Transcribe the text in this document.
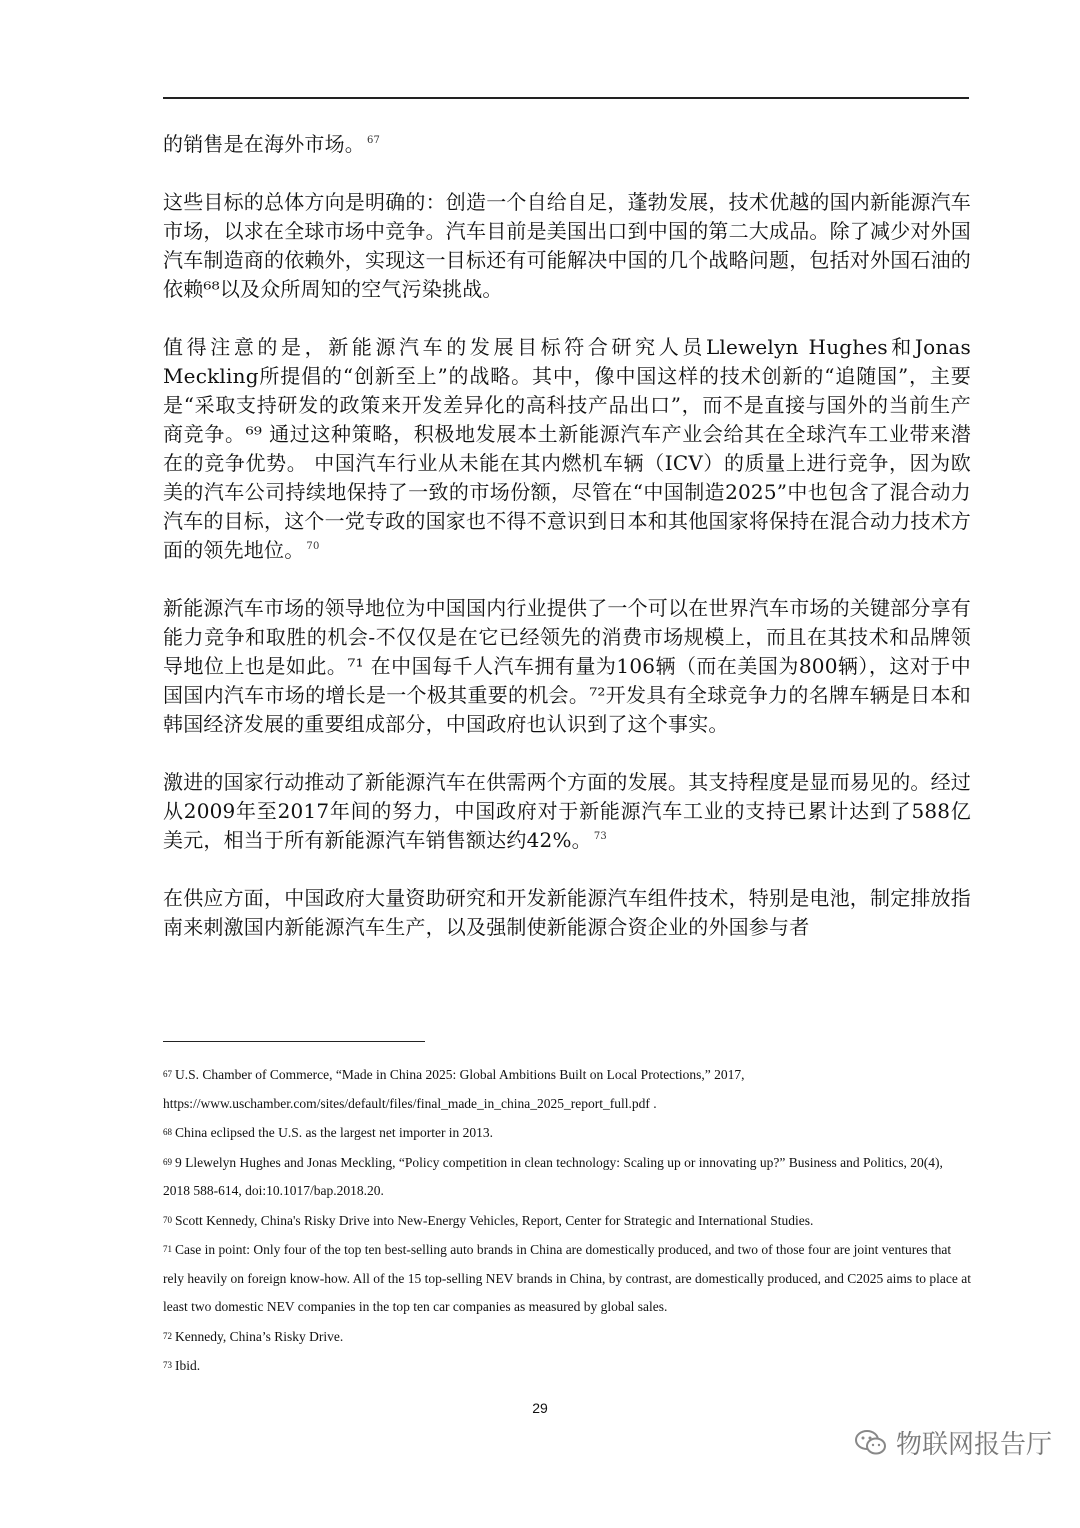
的销售是在海外市场。 $^{67}$

这些目标的总体方向是明确的：创造一个自给自足，蓬勃发展，技术优越的国内新能源汽车市场，以求在全球市场中竞争。汽车目前是美国出口到中国的第二大成品。除了减少对外国汽车制造商的依赖外，实现这一目标还有可能解决中国的几个战略问题，包括对外国石油的依赖⁶⁸以及众所周知的空气污染挑战。

值得注意的是，新能源汽车的发展目标符合研究人员Llewelyn Hughes和Jonas Meckling所提倡的“创新至上”的战略。其中，像中国这样的技术创新的“追随国”，主要是“采取支持研发的政策来开发差异化的高科技产品出口”，而不是直接与国外的当前生产商竞争。⁶⁹ 通过这种策略，积极地发展本土新能源汽车产业会给其在全球汽车工业带来潜在的竞争优势。 中国汽车行业从未能在其内燃机车辆（ICV）的质量上进行竞争，因为欧美的汽车公司持续地保持了一致的市场份额，尽管在“中国制造2025”中也包含了混合动力汽车的目标，这个一党专政的国家也不得不意识到日本和其他国家将保持在混合动力技术方面的领先地位。 $^{70}$

新能源汽车市场的领导地位为中国国内行业提供了一个可以在世界汽车市场的关键部分享有能力竞争和取胜的机会-不仅仅是在它已经领先的消费市场规模上，而且在其技术和品牌领导地位上也是如此。⁷¹ 在中国每千人汽车拥有量为106辆（而在美国为800辆），这对于中国国内汽车市场的增长是一个极其重要的机会。⁷²开发具有全球竞争力的名牌车辆是日本和韩国经济发展的重要组成部分，中国政府也认识到了这个事实。

激进的国家行动推动了新能源汽车在供需两个方面的发展。其支持程度是显而易见的。经过从2009年至2017年间的努力，中国政府对于新能源汽车工业的支持已累计达到了588亿美元，相当于所有新能源汽车销售额达约42%。 $^{73}$

在供应方面，中国政府大量资助研究和开发新能源汽车组件技术，特别是电池，制定排放指南来刺激国内新能源汽车生产，以及强制使新能源合资企业的外国参与者

67 U.S. Chamber of Commerce, “Made in China 2025: Global Ambitions Built on Local Protections,” 2017, https://www.uschamber.com/sites/default/files/final_made_in_china_2025_report_full.pdf .

68 China eclipsed the U.S. as the largest net importer in 2013.

69 9 Llewelyn Hughes and Jonas Meckling, “Policy competition in clean technology: Scaling up or innovating up?” Business and Politics, 20(4), 2018 588-614, doi:10.1017/bap.2018.20.

70 Scott Kennedy, China's Risky Drive into New-Energy Vehicles, Report, Center for Strategic and International Studies.

71 Case in point: Only four of the top ten best-selling auto brands in China are domestically produced, and two of those four are joint ventures that rely heavily on foreign know-how. All of the 15 top-selling NEV brands in China, by contrast, are domestically produced, and C2025 aims to place at least two domestic NEV companies in the top ten car companies as measured by global sales.

72 Kennedy, China’s Risky Drive.

73 Ibid.

29
物联网报告厅
